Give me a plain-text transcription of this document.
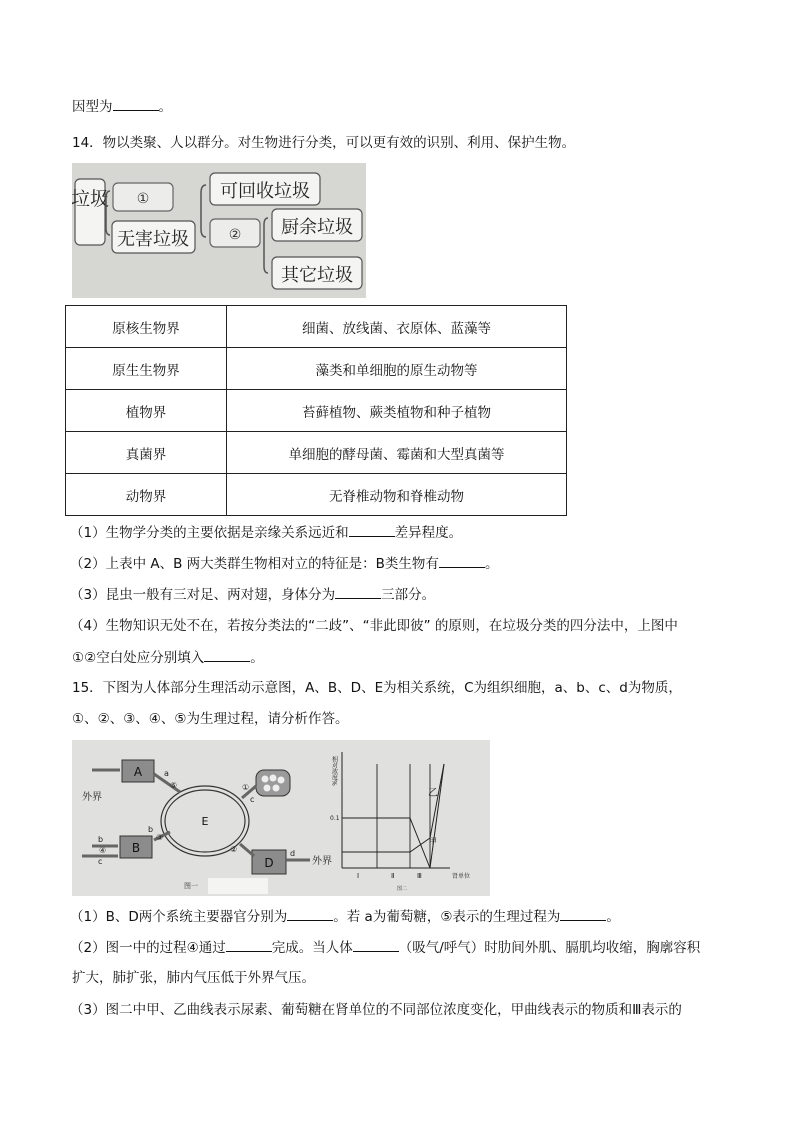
因型为	。
14．物以类聚、人以群分。对生物进行分类，可以更有效的识别、利用、保护生物。
垃圾 ①
无害垃圾
可回收垃圾
② 厨余垃圾
其它垃圾
原核生物界	细菌、放线菌、衣原体、蓝藻等
原生生物界	藻类和单细胞的原生动物等
植物界	苔藓植物、蕨类植物和种子植物
真菌界	单细胞的酵母菌、霉菌和大型真菌等
动物界	无脊椎动物和脊椎动物
（1）生物学分类的主要依据是亲缘关系远近和	差异程度。
（2）上表中 A、B 两大类群生物相对立的特征是：B类生物有	。
（3）昆虫一般有三对足、两对翅，身体分为	三部分。
（4）生物知识无处不在，若按分类法的“二歧”、“非此即彼” 的原则，在垃圾分类的四分法中，上图中
①②空白处应分别填入	。
15．下图为人体部分生理活动示意图，A、B、D、E为相关系统，C为组织细胞，a、b、c、d为物质，
①、②、③、④、⑤为生理过程，请分析作答。
外界
A
B
D
E
a
⑤
b
c
④
b
③
①
c
②	d
外界
图一
相对浓度%
0.1
乙
甲
Ⅰ	Ⅱ	Ⅲ	肾单位
图二
（1）B、D两个系统主要器官分别为	。若 a为葡萄糖，⑤表示的生理过程为	。
（2）图一中的过程④通过	完成。当人体	（吸气/呼气）时肋间外肌、膈肌均收缩，胸廓容积
扩大，肺扩张，肺内气压低于外界气压。
（3）图二中甲、乙曲线表示尿素、葡萄糖在肾单位的不同部位浓度变化，甲曲线表示的物质和Ⅲ表示的
